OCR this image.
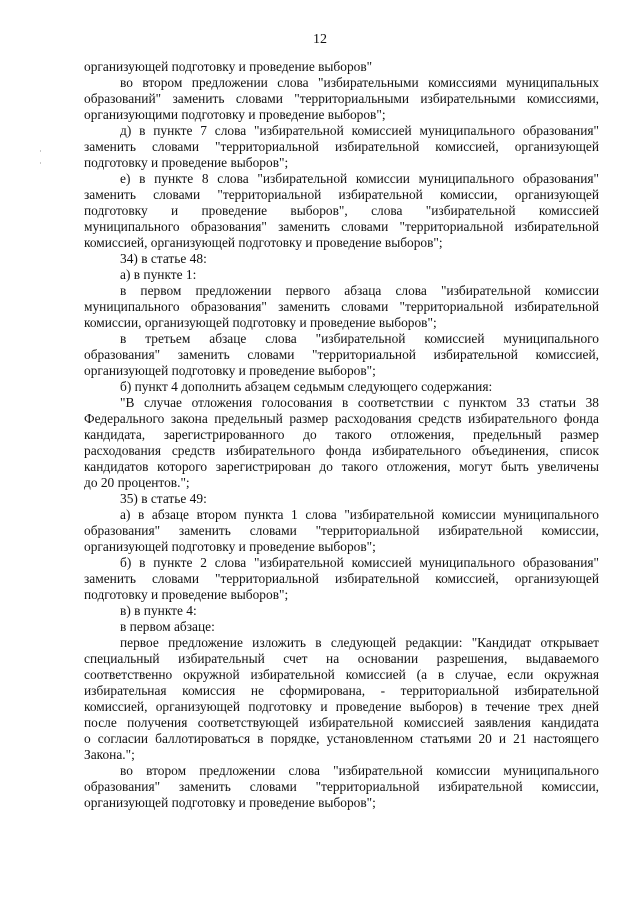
12
организующей подготовку и проведение выборов"
во втором предложении слова "избирательными комиссиями муниципальных
образований" заменить словами "территориальными избирательными комиссиями,
организующими подготовку и проведение выборов";
д) в пункте 7 слова "избирательной комиссией муниципального образования"
заменить словами "территориальной избирательной комиссией, организующей
подготовку и проведение выборов";
е) в пункте 8 слова "избирательной комиссии муниципального образования"
заменить словами "территориальной избирательной комиссии, организующей
подготовку и проведение выборов", слова "избирательной комиссией
муниципального образования" заменить словами "территориальной избирательной
комиссией, организующей подготовку и проведение выборов";
34) в статье 48:
а) в пункте 1:
в первом предложении первого абзаца слова "избирательной комиссии
муниципального образования" заменить словами "территориальной избирательной
комиссии, организующей подготовку и проведение выборов";
в третьем абзаце слова "избирательной комиссией муниципального
образования" заменить словами "территориальной избирательной комиссией,
организующей подготовку и проведение выборов";
б) пункт 4 дополнить абзацем седьмым следующего содержания:
"В случае отложения голосования в соответствии с пунктом 33 статьи 38
Федерального закона предельный размер расходования средств избирательного фонда
кандидата, зарегистрированного до такого отложения, предельный размер
расходования средств избирательного фонда избирательного объединения, список
кандидатов которого зарегистрирован до такого отложения, могут быть увеличены
до 20 процентов.";
35) в статье 49:
а) в абзаце втором пункта 1 слова "избирательной комиссии муниципального
образования" заменить словами "территориальной избирательной комиссии,
организующей подготовку и проведение выборов";
б) в пункте 2 слова "избирательной комиссией муниципального образования"
заменить словами "территориальной избирательной комиссией, организующей
подготовку и проведение выборов";
в) в пункте 4:
в первом абзаце:
первое предложение изложить в следующей редакции: "Кандидат открывает
специальный избирательный счет на основании разрешения, выдаваемого
соответственно окружной избирательной комиссией (а в случае, если окружная
избирательная комиссия не сформирована, - территориальной избирательной
комиссией, организующей подготовку и проведение выборов) в течение трех дней
после получения соответствующей избирательной комиссией заявления кандидата
о согласии баллотироваться в порядке, установленном статьями 20 и 21 настоящего
Закона.";
во втором предложении слова "избирательной комиссии муниципального
образования" заменить словами "территориальной избирательной комиссии,
организующей подготовку и проведение выборов";
